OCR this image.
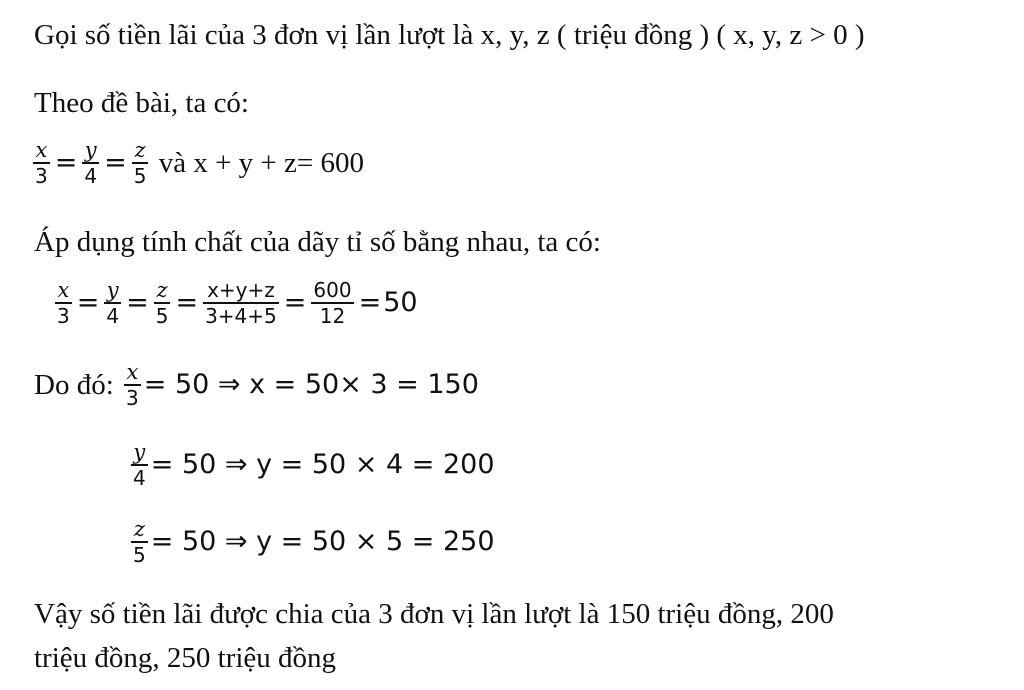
Gọi số tiền lãi của 3 đơn vị lần lượt là x, y, z ( triệu đồng ) ( x, y, z > 0 )
Theo đề bài, ta có:
$\frac{x}{3} = \frac{y}{4} = \frac{z}{5}$ và x + y + z= 600
Áp dụng tính chất của dãy tỉ số bằng nhau, ta có:
$\frac{x}{3} = \frac{y}{4} = \frac{z}{5} = \frac{x+y+z}{3+4+5} = \frac{600}{12} =50$
Do đó: $\frac{x}{3} = 50$ ⇒ x = 50× 3 = 150
$\frac{y}{4} = 50$ ⇒ y = 50 × 4 = 200
$\frac{z}{5} = 50$ ⇒ y = 50 × 5 = 250
Vậy số tiền lãi được chia của 3 đơn vị lần lượt là 150 triệu đồng, 200
triệu đồng, 250 triệu đồng
